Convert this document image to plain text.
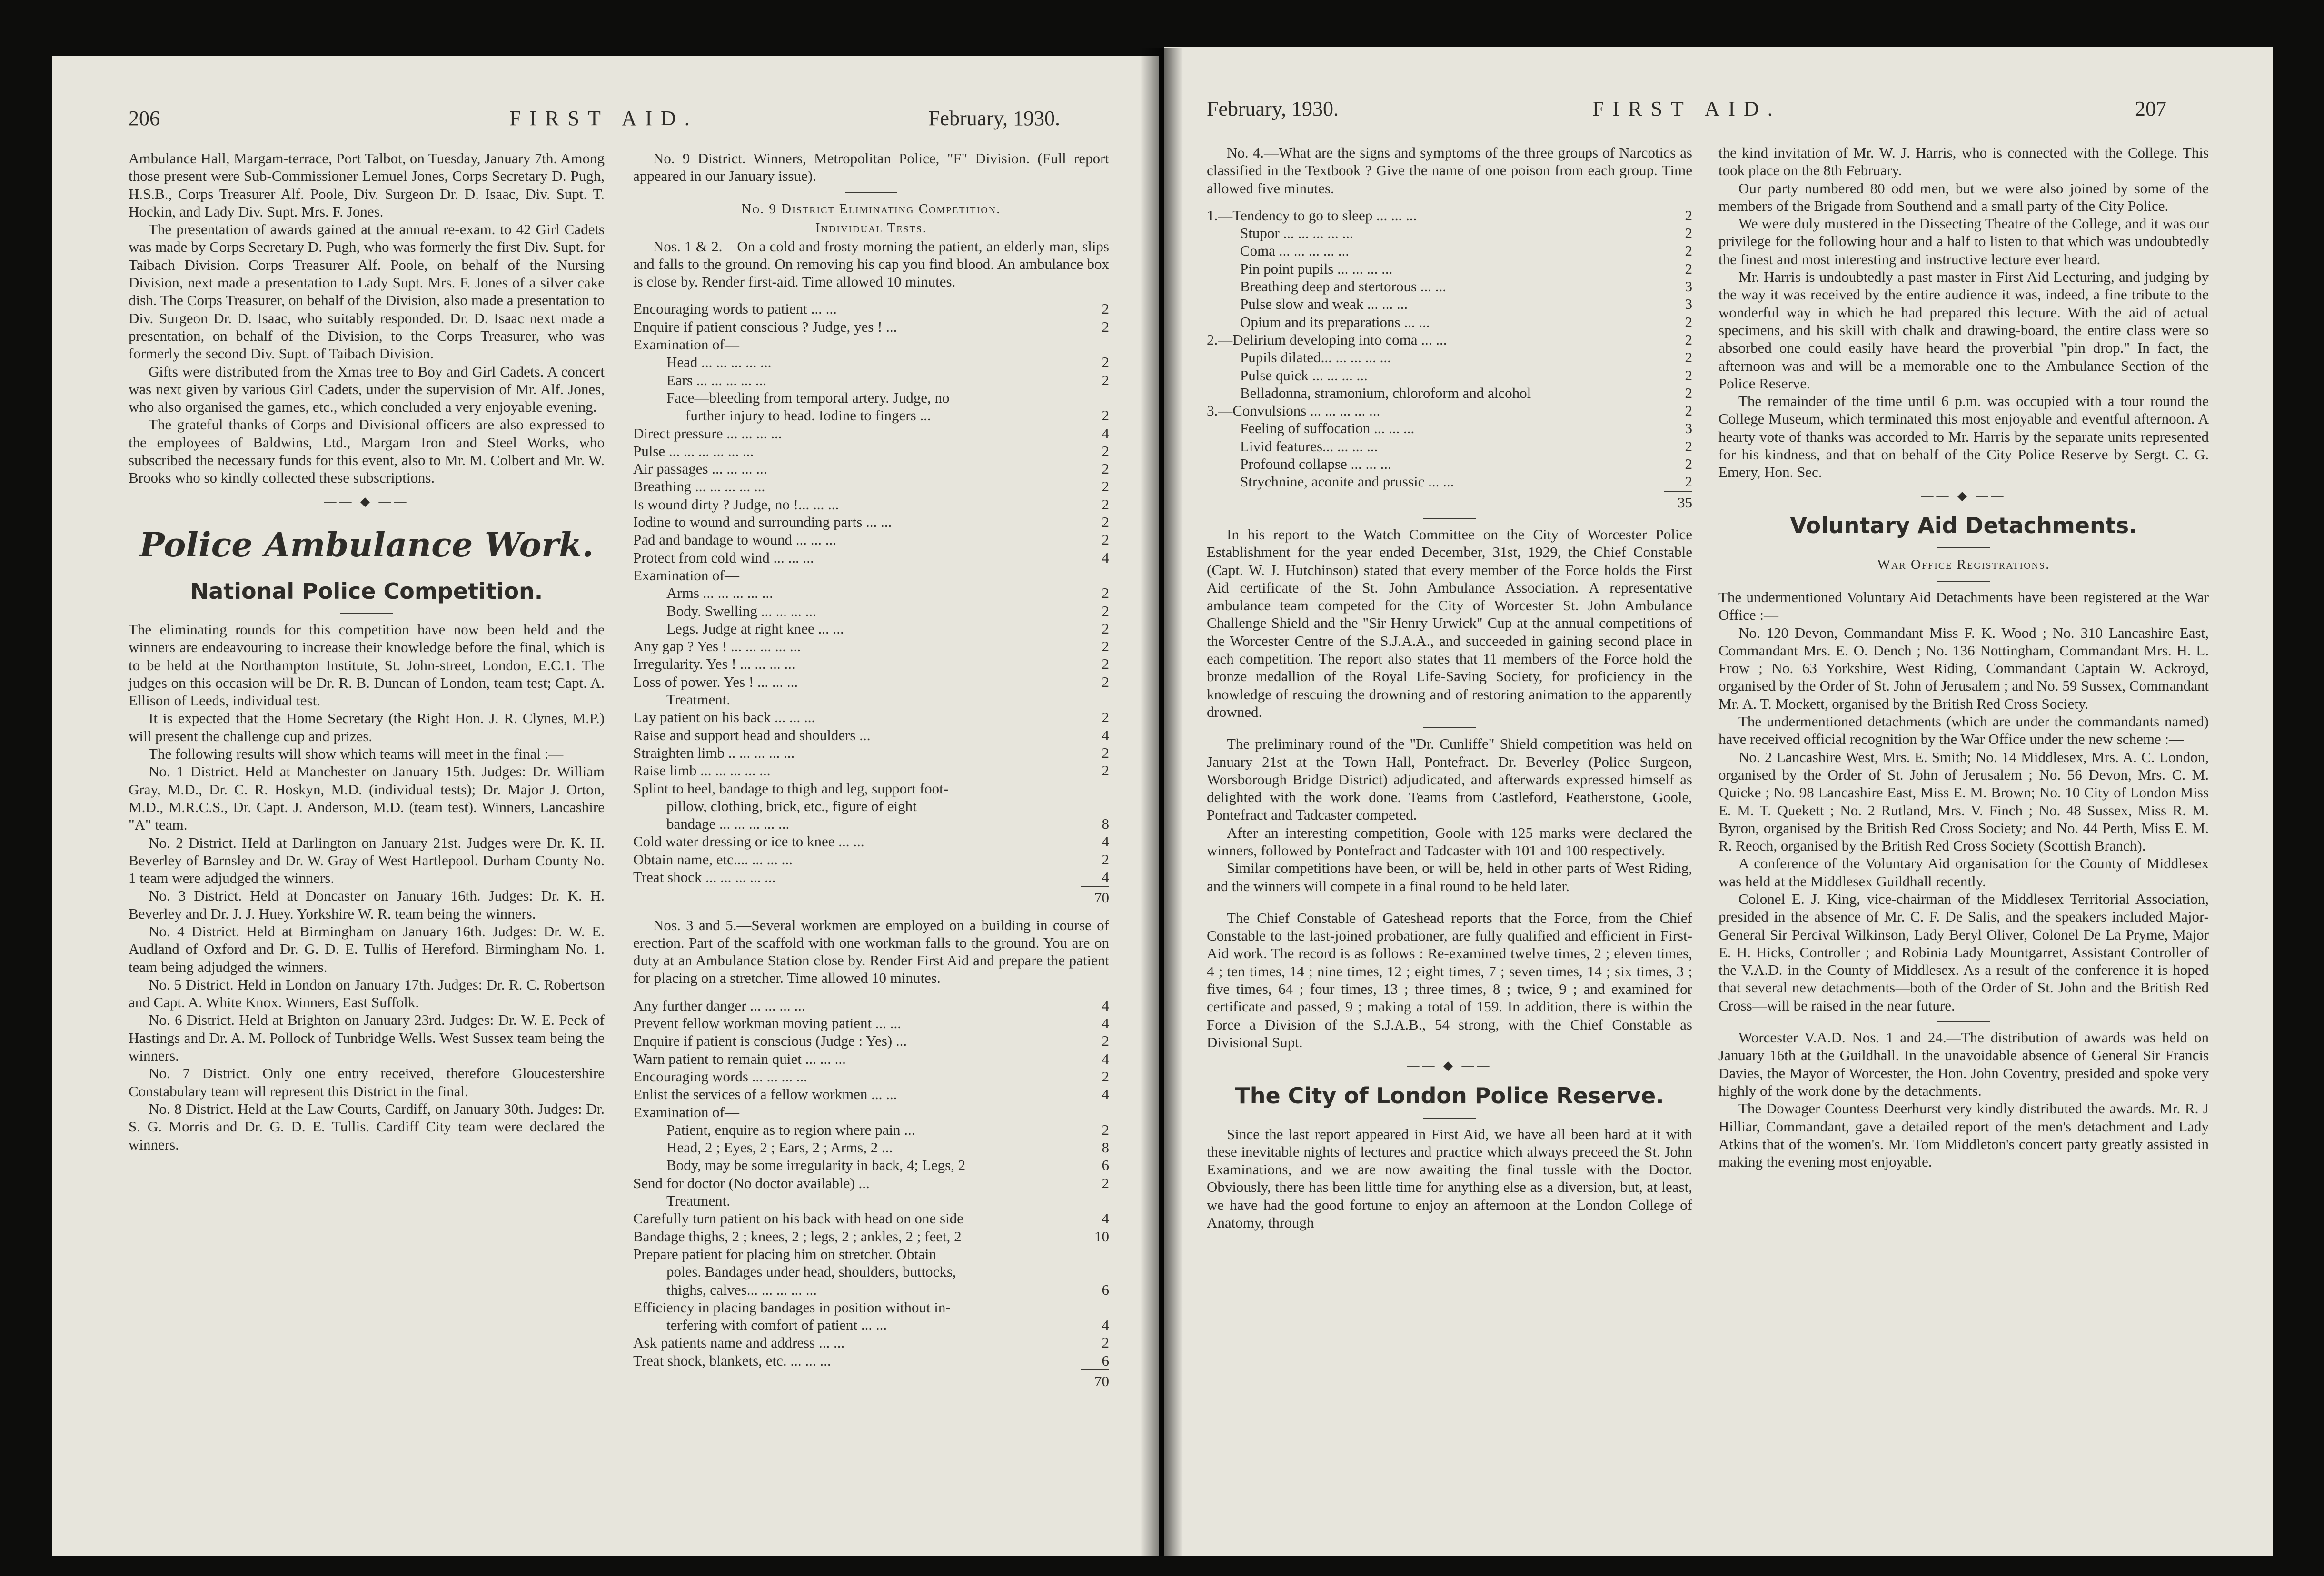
206	FIRST AID.	February, 1930.

Ambulance Hall, Margam-terrace, Port Talbot, on Tuesday, January 7th. Among those present were Sub-Commissioner Lemuel Jones, Corps Secretary D. Pugh, H.S.B., Corps Treasurer Alf. Poole, Div. Surgeon Dr. D. Isaac, Div. Supt. T. Hockin, and Lady Div. Supt. Mrs. F. Jones.

The presentation of awards gained at the annual re-exam. to 42 Girl Cadets was made by Corps Secretary D. Pugh, who was formerly the first Div. Supt. for Taibach Division. Corps Treasurer Alf. Poole, on behalf of the Nursing Division, next made a presentation to Lady Supt. Mrs. F. Jones of a silver cake dish. The Corps Treasurer, on behalf of the Division, also made a presentation to Div. Surgeon Dr. D. Isaac, who suitably responded. Dr. D. Isaac next made a presentation, on behalf of the Division, to the Corps Treasurer, who was formerly the second Div. Supt. of Taibach Division.

Gifts were distributed from the Xmas tree to Boy and Girl Cadets. A concert was next given by various Girl Cadets, under the supervision of Mr. Alf. Jones, who also organised the games, etc., which concluded a very enjoyable evening.

The grateful thanks of Corps and Divisional officers are also expressed to the employees of Baldwins, Ltd., Margam Iron and Steel Works, who subscribed the necessary funds for this event, also to Mr. M. Colbert and Mr. W. Brooks who so kindly collected these subscriptions.

—— ◆ ——
Police Ambulance Work.
National Police Competition.

The eliminating rounds for this competition have now been held and the winners are endeavouring to increase their knowledge before the final, which is to be held at the Northampton Institute, St. John-street, London, E.C.1. The judges on this occasion will be Dr. R. B. Duncan of London, team test; Capt. A. Ellison of Leeds, individual test.

It is expected that the Home Secretary (the Right Hon. J. R. Clynes, M.P.) will present the challenge cup and prizes.

The following results will show which teams will meet in the final :—

No. 1 District. Held at Manchester on January 15th. Judges: Dr. William Gray, M.D., Dr. C. R. Hoskyn, M.D. (individual tests); Dr. Major J. Orton, M.D., M.R.C.S., Dr. Capt. J. Anderson, M.D. (team test). Winners, Lancashire "A" team.

No. 2 District. Held at Darlington on January 21st. Judges were Dr. K. H. Beverley of Barnsley and Dr. W. Gray of West Hartlepool. Durham County No. 1 team were adjudged the winners.

No. 3 District. Held at Doncaster on January 16th. Judges: Dr. K. H. Beverley and Dr. J. J. Huey. Yorkshire W. R. team being the winners.

No. 4 District. Held at Birmingham on January 16th. Judges: Dr. W. E. Audland of Oxford and Dr. G. D. E. Tullis of Hereford. Birmingham No. 1. team being adjudged the winners.

No. 5 District. Held in London on January 17th. Judges: Dr. R. C. Robertson and Capt. A. White Knox. Winners, East Suffolk.

No. 6 District. Held at Brighton on January 23rd. Judges: Dr. W. E. Peck of Hastings and Dr. A. M. Pollock of Tunbridge Wells. West Sussex team being the winners.

No. 7 District. Only one entry received, therefore Gloucestershire Constabulary team will represent this District in the final.

No. 8 District. Held at the Law Courts, Cardiff, on January 30th. Judges: Dr. S. G. Morris and Dr. G. D. E. Tullis. Cardiff City team were declared the winners.

No. 9 District. Winners, Metropolitan Police, "F" Division. (Full report appeared in our January issue).

No. 9 District Eliminating Competition.
Individual Tests.

Nos. 1 & 2.—On a cold and frosty morning the patient, an elderly man, slips and falls to the ground. On removing his cap you find blood. An ambulance box is close by. Render first-aid. Time allowed 10 minutes.

Encouraging words to patient ... ...	2
Enquire if patient conscious ? Judge, yes ! ...	2
Examination of—
Head ... ... ... ... ...	2
Ears ... ... ... ... ...	2
Face—bleeding from temporal artery. Judge, no
further injury to head. Iodine to fingers ...	2
Direct pressure ... ... ... ...	4
Pulse ... ... ... ... ... ...	2
Air passages ... ... ... ...	2
Breathing ... ... ... ... ...	2
Is wound dirty ? Judge, no !... ... ...	2
Iodine to wound and surrounding parts ... ...	2
Pad and bandage to wound ... ... ...	2
Protect from cold wind ... ... ...	4
Examination of—
Arms ... ... ... ... ...	2
Body. Swelling ... ... ... ...	2
Legs. Judge at right knee ... ...	2
Any gap ? Yes ! ... ... ... ... ...	2
Irregularity. Yes ! ... ... ... ...	2
Loss of power. Yes ! ... ... ...	2
Treatment.
Lay patient on his back ... ... ...	2
Raise and support head and shoulders ...	4
Straighten limb .. ... ... ... ...	2
Raise limb ... ... ... ... ...	2
Splint to heel, bandage to thigh and leg, support foot-
pillow, clothing, brick, etc., figure of eight
bandage ... ... ... ... ...	8
Cold water dressing or ice to knee ... ...	4
Obtain name, etc.... ... ... ...	2
Treat shock ... ... ... ... ...	4
70

Nos. 3 and 5.—Several workmen are employed on a building in course of erection. Part of the scaffold with one workman falls to the ground. You are on duty at an Ambulance Station close by. Render First Aid and prepare the patient for placing on a stretcher. Time allowed 10 minutes.

Any further danger ... ... ... ...	4
Prevent fellow workman moving patient ... ...	4
Enquire if patient is conscious (Judge : Yes) ...	2
Warn patient to remain quiet ... ... ...	4
Encouraging words ... ... ... ...	2
Enlist the services of a fellow workmen ... ...	4
Examination of—
Patient, enquire as to region where pain ...	2
Head, 2 ; Eyes, 2 ; Ears, 2 ; Arms, 2 ...	8
Body, may be some irregularity in back, 4; Legs, 2	6
Send for doctor (No doctor available) ...	2
Treatment.
Carefully turn patient on his back with head on one side	4
Bandage thighs, 2 ; knees, 2 ; legs, 2 ; ankles, 2 ; feet, 2	10
Prepare patient for placing him on stretcher. Obtain
poles. Bandages under head, shoulders, buttocks,
thighs, calves... ... ... ... ...	6
Efficiency in placing bandages in position without in-
terfering with comfort of patient ... ...	4
Ask patients name and address ... ...	2
Treat shock, blankets, etc. ... ... ...	6
70
February, 1930.	FIRST AID.	207

No. 4.—What are the signs and symptoms of the three groups of Narcotics as classified in the Textbook ? Give the name of one poison from each group. Time allowed five minutes.

1.—Tendency to go to sleep ... ... ...	2
Stupor ... ... ... ... ...	2
Coma ... ... ... ... ...	2
Pin point pupils ... ... ... ...	2
Breathing deep and stertorous ... ...	3
Pulse slow and weak ... ... ...	3
Opium and its preparations ... ...	2
2.—Delirium developing into coma ... ...	2
Pupils dilated... ... ... ... ...	2
Pulse quick ... ... ... ...	2
Belladonna, stramonium, chloroform and alcohol	2
3.—Convulsions ... ... ... ... ...	2
Feeling of suffocation ... ... ...	3
Livid features... ... ... ...	2
Profound collapse ... ... ...	2
Strychnine, aconite and prussic ... ...	2
35

In his report to the Watch Committee on the City of Worcester Police Establishment for the year ended December, 31st, 1929, the Chief Constable (Capt. W. J. Hutchinson) stated that every member of the Force holds the First Aid certificate of the St. John Ambulance Association. A representative ambulance team competed for the City of Worcester St. John Ambulance Challenge Shield and the "Sir Henry Urwick" Cup at the annual competitions of the Worcester Centre of the S.J.A.A., and succeeded in gaining second place in each competition. The report also states that 11 members of the Force hold the bronze medallion of the Royal Life-Saving Society, for proficiency in the knowledge of rescuing the drowning and of restoring animation to the apparently drowned.

The preliminary round of the "Dr. Cunliffe" Shield competition was held on January 21st at the Town Hall, Pontefract. Dr. Beverley (Police Surgeon, Worsborough Bridge District) adjudicated, and afterwards expressed himself as delighted with the work done. Teams from Castleford, Featherstone, Goole, Pontefract and Tadcaster competed.

After an interesting competition, Goole with 125 marks were declared the winners, followed by Pontefract and Tadcaster with 101 and 100 respectively.

Similar competitions have been, or will be, held in other parts of West Riding, and the winners will compete in a final round to be held later.

The Chief Constable of Gateshead reports that the Force, from the Chief Constable to the last-joined probationer, are fully qualified and efficient in First-Aid work. The record is as follows : Re-examined twelve times, 2 ; eleven times, 4 ; ten times, 14 ; nine times, 12 ; eight times, 7 ; seven times, 14 ; six times, 3 ; five times, 64 ; four times, 13 ; three times, 8 ; twice, 9 ; and examined for certificate and passed, 9 ; making a total of 159. In addition, there is within the Force a Division of the S.J.A.B., 54 strong, with the Chief Constable as Divisional Supt.

—— ◆ ——
The City of London Police Reserve.

Since the last report appeared in First Aid, we have all been hard at it with these inevitable nights of lectures and practice which always preceed the St. John Examinations, and we are now awaiting the final tussle with the Doctor. Obviously, there has been little time for anything else as a diversion, but, at least, we have had the good fortune to enjoy an afternoon at the London College of Anatomy, through

the kind invitation of Mr. W. J. Harris, who is connected with the College. This took place on the 8th February.

Our party numbered 80 odd men, but we were also joined by some of the members of the Brigade from Southend and a small party of the City Police.

We were duly mustered in the Dissecting Theatre of the College, and it was our privilege for the following hour and a half to listen to that which was undoubtedly the finest and most interesting and instructive lecture ever heard.

Mr. Harris is undoubtedly a past master in First Aid Lecturing, and judging by the way it was received by the entire audience it was, indeed, a fine tribute to the wonderful way in which he had prepared this lecture. With the aid of actual specimens, and his skill with chalk and drawing-board, the entire class were so absorbed one could easily have heard the proverbial "pin drop." In fact, the afternoon was and will be a memorable one to the Ambulance Section of the Police Reserve.

The remainder of the time until 6 p.m. was occupied with a tour round the College Museum, which terminated this most enjoyable and eventful afternoon. A hearty vote of thanks was accorded to Mr. Harris by the separate units represented for his kindness, and that on behalf of the City Police Reserve by Sergt. C. G. Emery, Hon. Sec.

—— ◆ ——
Voluntary Aid Detachments.
War Office Registrations.

The undermentioned Voluntary Aid Detachments have been registered at the War Office :—

No. 120 Devon, Commandant Miss F. K. Wood ; No. 310 Lancashire East, Commandant Mrs. E. O. Dench ; No. 136 Nottingham, Commandant Mrs. H. L. Frow ; No. 63 Yorkshire, West Riding, Commandant Captain W. Ackroyd, organised by the Order of St. John of Jerusalem ; and No. 59 Sussex, Commandant Mr. A. T. Mockett, organised by the British Red Cross Society.

The undermentioned detachments (which are under the commandants named) have received official recognition by the War Office under the new scheme :—

No. 2 Lancashire West, Mrs. E. Smith; No. 14 Middlesex, Mrs. A. C. London, organised by the Order of St. John of Jerusalem ; No. 56 Devon, Mrs. C. M. Quicke ; No. 98 Lancashire East, Miss E. M. Brown; No. 10 City of London Miss E. M. T. Quekett ; No. 2 Rutland, Mrs. V. Finch ; No. 48 Sussex, Miss R. M. Byron, organised by the British Red Cross Society; and No. 44 Perth, Miss E. M. R. Reoch, organised by the British Red Cross Society (Scottish Branch).

A conference of the Voluntary Aid organisation for the County of Middlesex was held at the Middlesex Guildhall recently.

Colonel E. J. King, vice-chairman of the Middlesex Territorial Association, presided in the absence of Mr. C. F. De Salis, and the speakers included Major-General Sir Percival Wilkinson, Lady Beryl Oliver, Colonel De La Pryme, Major E. H. Hicks, Controller ; and Robinia Lady Mountgarret, Assistant Controller of the V.A.D. in the County of Middlesex. As a result of the conference it is hoped that several new detachments—both of the Order of St. John and the British Red Cross—will be raised in the near future.

Worcester V.A.D. Nos. 1 and 24.—The distribution of awards was held on January 16th at the Guildhall. In the unavoidable absence of General Sir Francis Davies, the Mayor of Worcester, the Hon. John Coventry, presided and spoke very highly of the work done by the detachments.

The Dowager Countess Deerhurst very kindly distributed the awards. Mr. R. J Hilliar, Commandant, gave a detailed report of the men's detachment and Lady Atkins that of the women's. Mr. Tom Middleton's concert party greatly assisted in making the evening most enjoyable.
